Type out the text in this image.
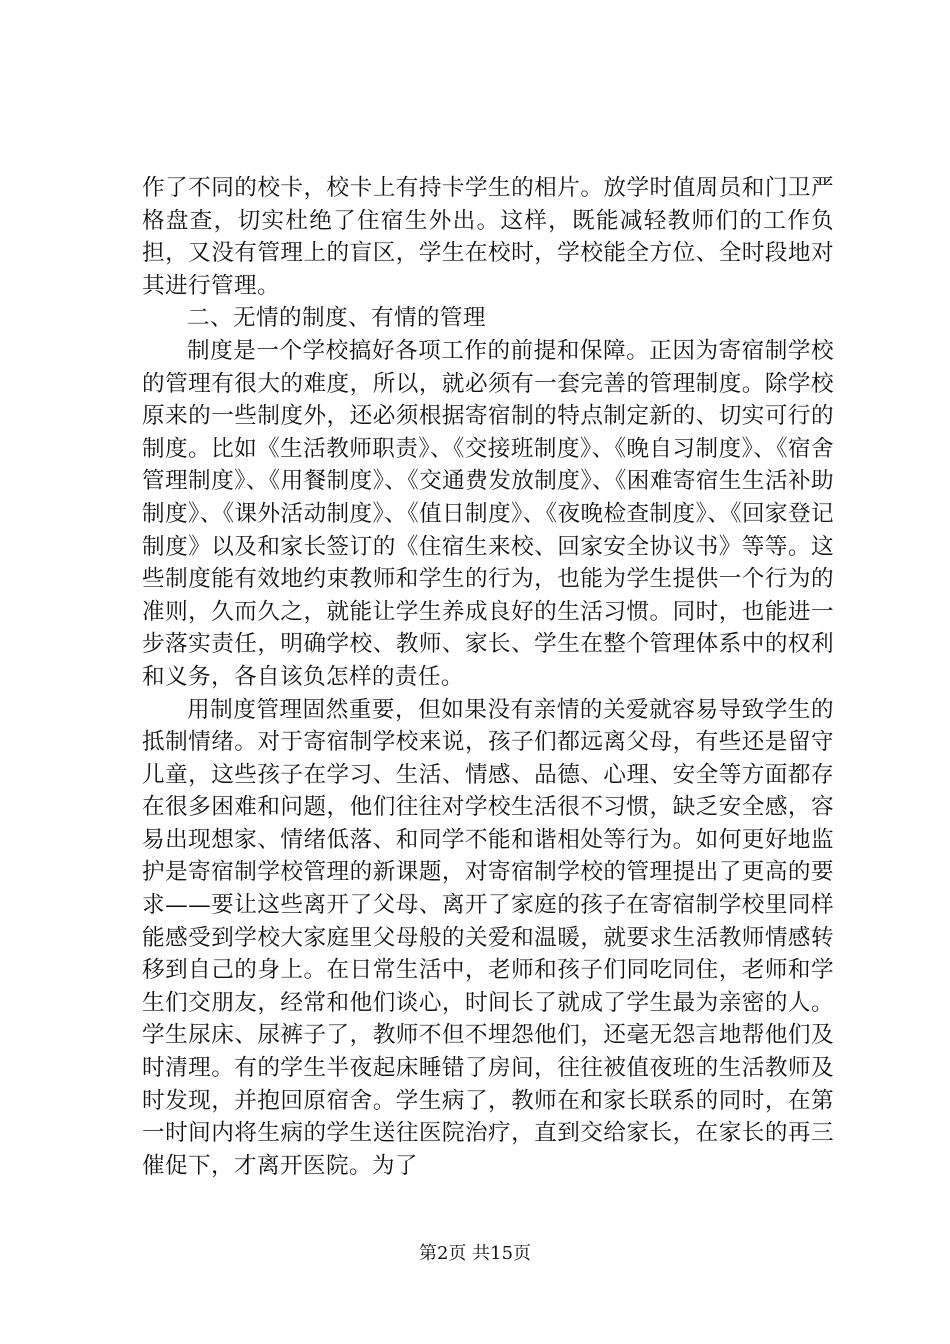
作了不同的校卡，校卡上有持卡学生的相片。放学时值周员和门卫严格盘查，切实杜绝了住宿生外出。这样，既能减轻教师们的工作负担，又没有管理上的盲区，学生在校时，学校能全方位、全时段地对其进行管理。

二、无情的制度、有情的管理

制度是一个学校搞好各项工作的前提和保障。正因为寄宿制学校的管理有很大的难度，所以，就必须有一套完善的管理制度。除学校原来的一些制度外，还必须根据寄宿制的特点制定新的、切实可行的制度。比如《生活教师职责》、《交接班制度》、《晚自习制度》、《宿舍管理制度》、《用餐制度》、《交通费发放制度》、《困难寄宿生生活补助制度》、《课外活动制度》、《值日制度》、《夜晚检查制度》、《回家登记制度》以及和家长签订的《住宿生来校、回家安全协议书》等等。这些制度能有效地约束教师和学生的行为，也能为学生提供一个行为的准则，久而久之，就能让学生养成良好的生活习惯。同时，也能进一步落实责任，明确学校、教师、家长、学生在整个管理体系中的权利和义务，各自该负怎样的责任。

用制度管理固然重要，但如果没有亲情的关爱就容易导致学生的抵制情绪。对于寄宿制学校来说，孩子们都远离父母，有些还是留守儿童，这些孩子在学习、生活、情感、品德、心理、安全等方面都存在很多困难和问题，他们往往对学校生活很不习惯，缺乏安全感，容易出现想家、情绪低落、和同学不能和谐相处等行为。如何更好地监护是寄宿制学校管理的新课题，对寄宿制学校的管理提出了更高的要求——要让这些离开了父母、离开了家庭的孩子在寄宿制学校里同样能感受到学校大家庭里父母般的关爱和温暖，就要求生活教师情感转移到自己的身上。在日常生活中，老师和孩子们同吃同住，老师和学生们交朋友，经常和他们谈心，时间长了就成了学生最为亲密的人。学生尿床、尿裤子了，教师不但不埋怨他们，还毫无怨言地帮他们及时清理。有的学生半夜起床睡错了房间，往往被值夜班的生活教师及时发现，并抱回原宿舍。学生病了，教师在和家长联系的同时，在第一时间内将生病的学生送往医院治疗，直到交给家长，在家长的再三催促下，才离开医院。为了

第2页 共15页
